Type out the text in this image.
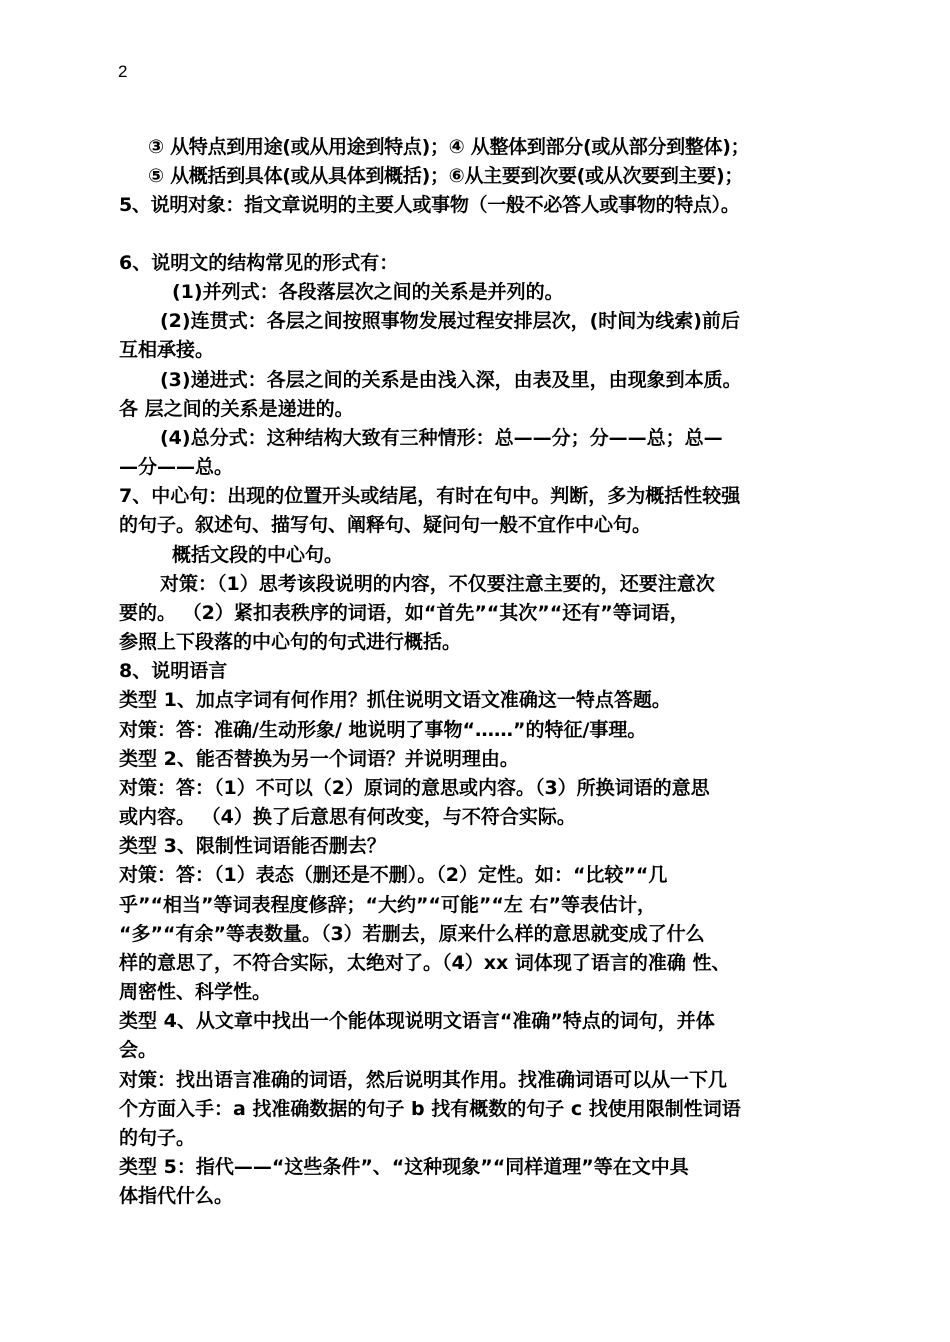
2
③ 从特点到用途(或从用途到特点)；④ 从整体到部分(或从部分到整体)；
⑤ 从概括到具体(或从具体到概括)；⑥从主要到次要(或从次要到主要)；
5、说明对象：指文章说明的主要人或事物（一般不必答人或事物的特点）。
6、说明文的结构常见的形式有：
(1)并列式：各段落层次之间的关系是并列的。
(2)连贯式：各层之间按照事物发展过程安排层次，(时间为线索)前后
互相承接。
(3)递进式：各层之间的关系是由浅入深，由表及里，由现象到本质。
各 层之间的关系是递进的。
(4)总分式：这种结构大致有三种情形：总——分；分——总；总—
—分——总。
7、中心句：出现的位置开头或结尾，有时在句中。判断，多为概括性较强
的句子。叙述句、描写句、阐释句、疑问句一般不宜作中心句。
概括文段的中心句。
对策：（1）思考该段说明的内容，不仅要注意主要的，还要注意次
要的。 （2）紧扣表秩序的词语，如“首先”“其次”“还有”等词语，
参照上下段落的中心句的句式进行概括。
8、说明语言
类型 1、加点字词有何作用？抓住说明文语文准确这一特点答题。
对策：答：准确/生动形象/ 地说明了事物“……”的特征/事理。
类型 2、能否替换为另一个词语？并说明理由。
对策：答：（1）不可以（2）原词的意思或内容。（3）所换词语的意思
或内容。 （4）换了后意思有何改变，与不符合实际。
类型 3、限制性词语能否删去？
对策：答：（1）表态（删还是不删）。（2）定性。如：“比较”“几
乎”“相当”等词表程度修辞；“大约”“可能”“左 右”等表估计，
“多”“有余”等表数量。（3）若删去，原来什么样的意思就变成了什么
样的意思了，不符合实际，太绝对了。（4）xx 词体现了语言的准确 性、
周密性、科学性。
类型 4、从文章中找出一个能体现说明文语言“准确”特点的词句，并体
会。
对策：找出语言准确的词语，然后说明其作用。找准确词语可以从一下几
个方面入手：a 找准确数据的句子 b 找有概数的句子 c 找使用限制性词语
的句子。
类型 5：指代——“这些条件”、“这种现象”“同样道理”等在文中具
体指代什么。
